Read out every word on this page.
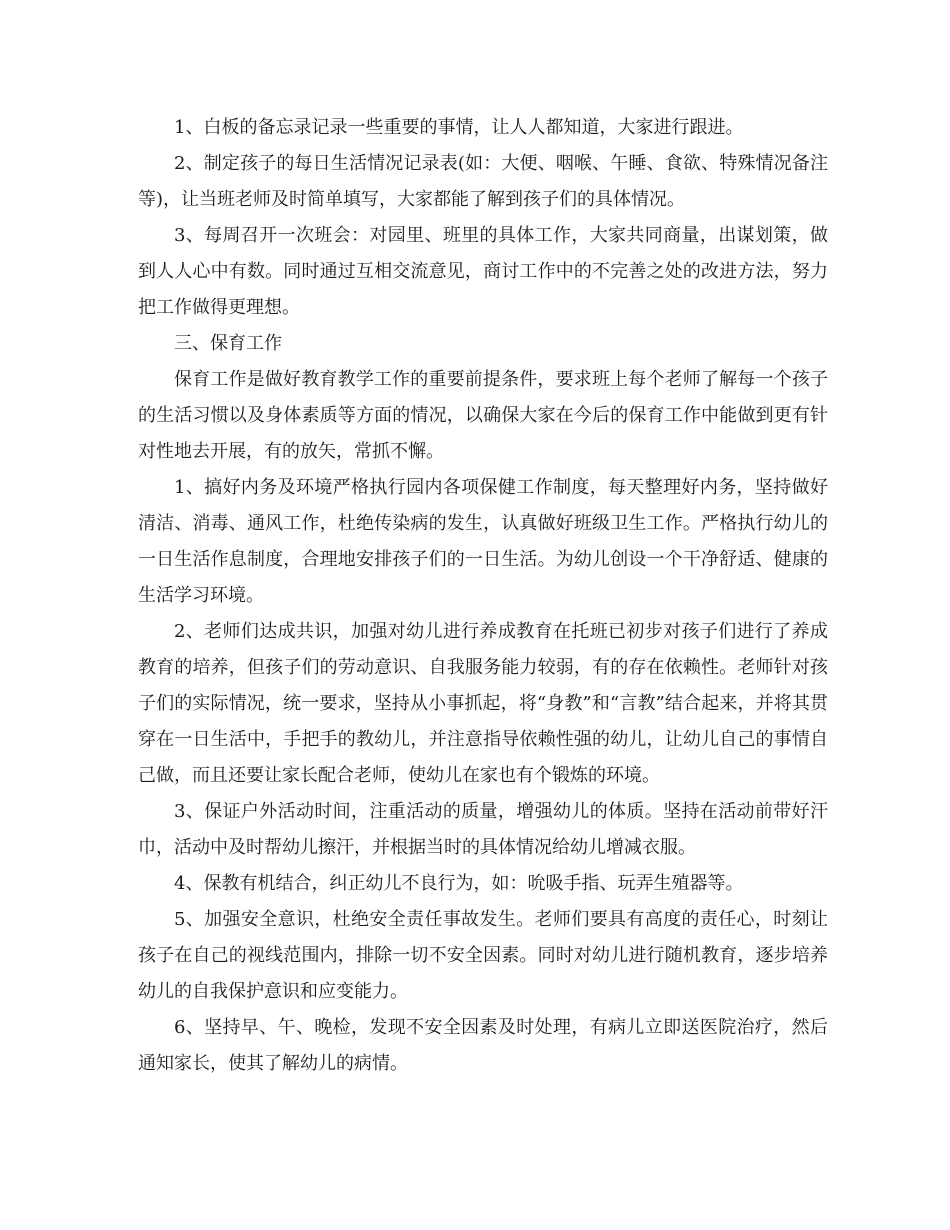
1、白板的备忘录记录一些重要的事情，让人人都知道，大家进行跟进。

2、制定孩子的每日生活情况记录表(如：大便、咽喉、午睡、食欲、特殊情况备注等)，让当班老师及时简单填写，大家都能了解到孩子们的具体情况。

3、每周召开一次班会：对园里、班里的具体工作，大家共同商量，出谋划策，做到人人心中有数。同时通过互相交流意见，商讨工作中的不完善之处的改进方法，努力把工作做得更理想。

三、保育工作

保育工作是做好教育教学工作的重要前提条件，要求班上每个老师了解每一个孩子的生活习惯以及身体素质等方面的情况，以确保大家在今后的保育工作中能做到更有针对性地去开展，有的放矢，常抓不懈。

1、搞好内务及环境严格执行园内各项保健工作制度，每天整理好内务，坚持做好清洁、消毒、通风工作，杜绝传染病的发生，认真做好班级卫生工作。严格执行幼儿的一日生活作息制度，合理地安排孩子们的一日生活。为幼儿创设一个干净舒适、健康的生活学习环境。

2、老师们达成共识，加强对幼儿进行养成教育在托班已初步对孩子们进行了养成教育的培养，但孩子们的劳动意识、自我服务能力较弱，有的存在依赖性。老师针对孩子们的实际情况，统一要求，坚持从小事抓起，将“身教”和“言教”结合起来，并将其贯穿在一日生活中，手把手的教幼儿，并注意指导依赖性强的幼儿，让幼儿自己的事情自己做，而且还要让家长配合老师，使幼儿在家也有个锻炼的环境。

3、保证户外活动时间，注重活动的质量，增强幼儿的体质。坚持在活动前带好汗巾，活动中及时帮幼儿擦汗，并根据当时的具体情况给幼儿增减衣服。

4、保教有机结合，纠正幼儿不良行为，如：吮吸手指、玩弄生殖器等。

5、加强安全意识，杜绝安全责任事故发生。老师们要具有高度的责任心，时刻让孩子在自己的视线范围内，排除一切不安全因素。同时对幼儿进行随机教育，逐步培养幼儿的自我保护意识和应变能力。

6、坚持早、午、晚检，发现不安全因素及时处理，有病儿立即送医院治疗，然后通知家长，使其了解幼儿的病情。
